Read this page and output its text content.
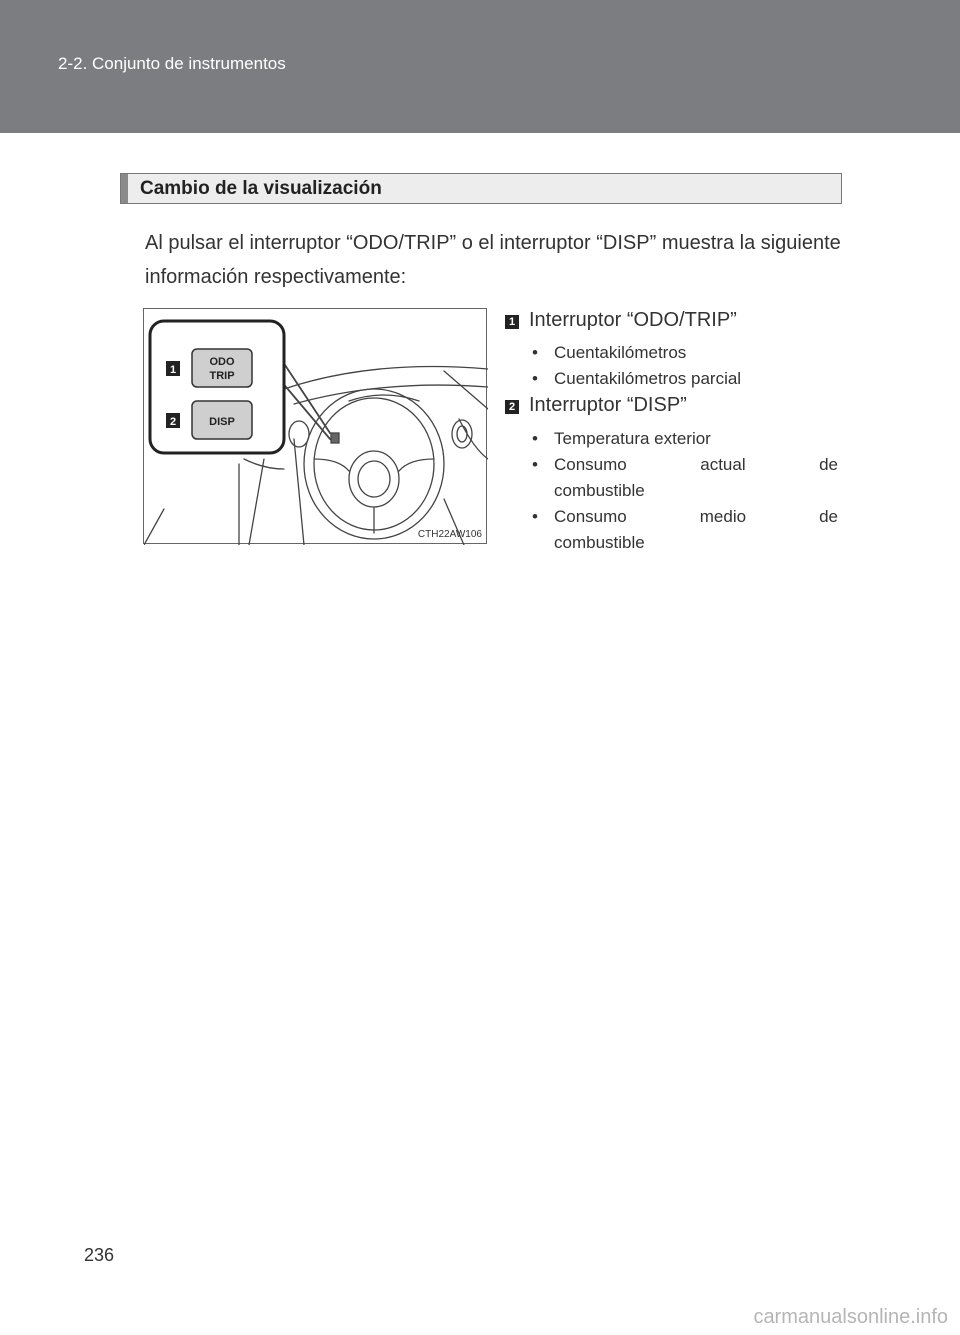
2-2. Conjunto de instrumentos
Cambio de la visualización
Al pulsar el interruptor “ODO/TRIP” o el interruptor “DISP” muestra la siguiente información respectivamente:
1
2
ODO
TRIP
DISP
CTH22AW106
1 Interruptor “ODO/TRIP”
• Cuentakilómetros
• Cuentakilómetros parcial
2 Interruptor “DISP”
• Temperatura exterior
• Consumo	actual	de
combustible
• Consumo	medio	de
combustible
236
carmanualsonline.info
